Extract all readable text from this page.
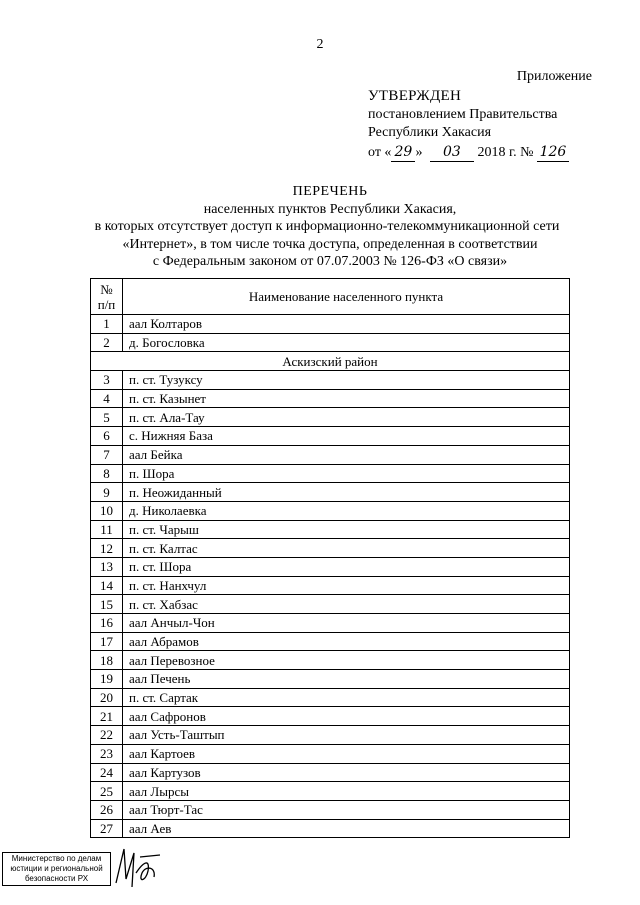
2
Приложение
УТВЕРЖДЕН
постановлением Правительства
Республики Хакасия
от « 29 » 03 2018 г. № 126
ПЕРЕЧЕНЬ
населенных пунктов Республики Хакасия,
в которых отсутствует доступ к информационно-телекоммуникационной сети
«Интернет», в том числе точка доступа, определенная в соответствии
с Федеральным законом от 07.07.2003 № 126-ФЗ «О связи»
№
п/п	Наименование населенного пункта
1	аал Колтаров
2	д. Богословка
Аскизский район	
3	п. ст. Тузуксу
4	п. ст. Казынет
5	п. ст. Ала-Тау
6	с. Нижняя База
7	аал Бейка
8	п. Шора
9	п. Неожиданный
10	д. Николаевка
11	п. ст. Чарыш
12	п. ст. Калтас
13	п. ст. Шора
14	п. ст. Нанхчул
15	п. ст. Хабзас
16	аал Анчыл-Чон
17	аал Абрамов
18	аал Перевозное
19	аал Печень
20	п. ст. Сартак
21	аал Сафронов
22	аал Усть-Таштып
23	аал Картоев
24	аал Картузов
25	аал Лырсы
26	аал Тюрт-Тас
27	аал Аев
Министерство по делам
юстиции и региональной
безопасности РХ
